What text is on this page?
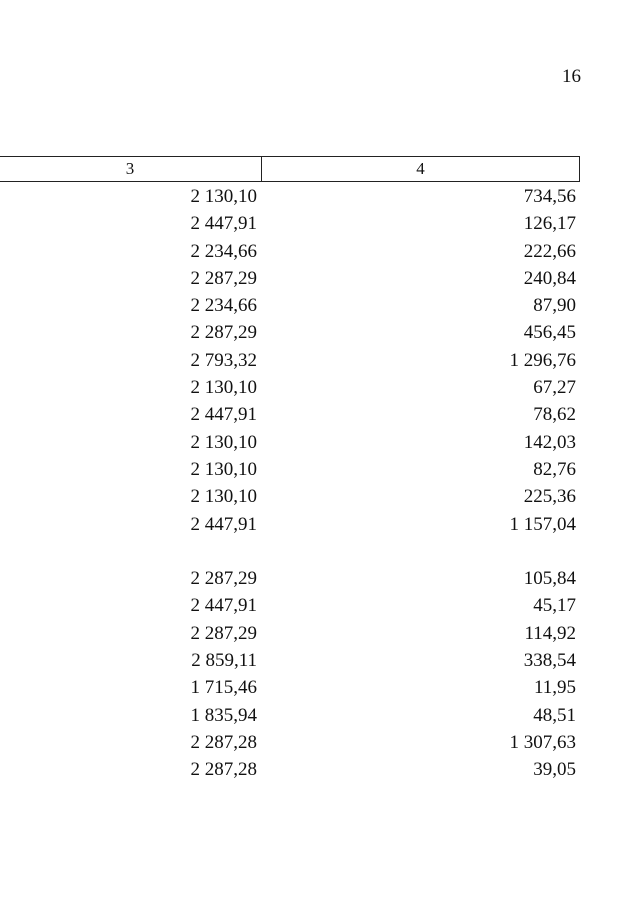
16
3	4
2 130,10	734,56
2 447,91	126,17
2 234,66	222,66
2 287,29	240,84
2 234,66	87,90
2 287,29	456,45
2 793,32	1 296,76
2 130,10	67,27
2 447,91	78,62
2 130,10	142,03
2 130,10	82,76
2 130,10	225,36
2 447,91	1 157,04
2 287,29	105,84
2 447,91	45,17
2 287,29	114,92
2 859,11	338,54
1 715,46	11,95
1 835,94	48,51
2 287,28	1 307,63
2 287,28	39,05
